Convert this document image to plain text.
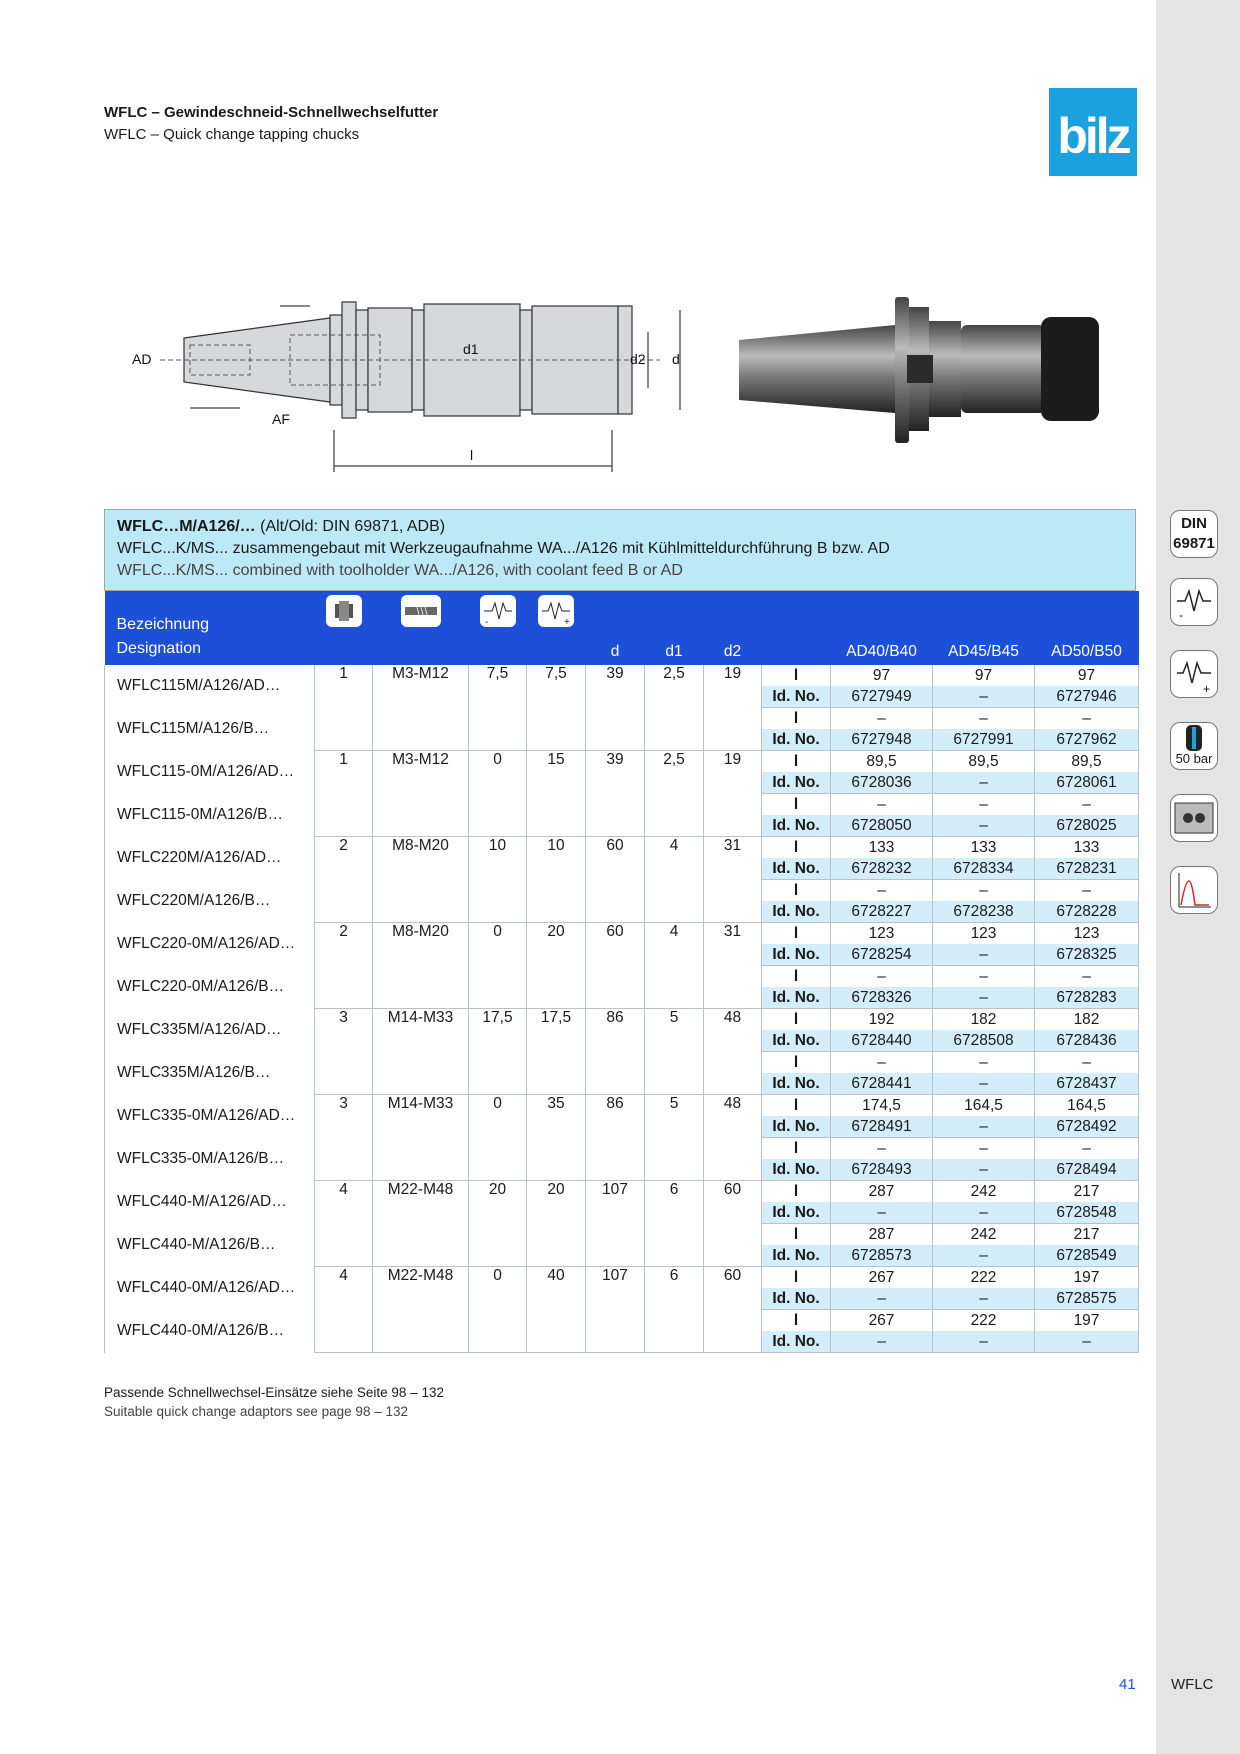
WFLC – Gewindeschneid-Schnellwechselfutter
WFLC – Quick change tapping chucks	bilz
AD
AF
d1
d2 d
l
WFLC…M/A126/… (Alt/Old: DIN 69871, ADB)
WFLC...K/MS... zusammengebaut mit Werkzeugaufnahme WA.../A126 mit Kühlmitteldurchführung B bzw. AD
WFLC...K/MS... combined with toolholder WA.../A126, with coolant feed B or AD
Bezeichnung
Designation			-	+	d	d1	d2		AD40/B40	AD45/B45	AD50/B50
WFLC115M/A126/AD…	1	M3-M12	7,5	7,5	39	2,5	19	l	97	97	97
								Id. No.	6727949	–	6727946
WFLC115M/A126/B…								l	–	–	–
								Id. No.	6727948	6727991	6727962
WFLC115-0M/A126/AD…	1	M3-M12	0	15	39	2,5	19	l	89,5	89,5	89,5
								Id. No.	6728036	–	6728061
WFLC115-0M/A126/B…								l	–	–	–
								Id. No.	6728050	–	6728025
WFLC220M/A126/AD…	2	M8-M20	10	10	60	4	31	l	133	133	133
								Id. No.	6728232	6728334	6728231
WFLC220M/A126/B…								l	–	–	–
								Id. No.	6728227	6728238	6728228
WFLC220-0M/A126/AD…	2	M8-M20	0	20	60	4	31	l	123	123	123
								Id. No.	6728254	–	6728325
WFLC220-0M/A126/B…								l	–	–	–
								Id. No.	6728326	–	6728283
WFLC335M/A126/AD…	3	M14-M33	17,5	17,5	86	5	48	l	192	182	182
								Id. No.	6728440	6728508	6728436
WFLC335M/A126/B…								l	–	–	–
								Id. No.	6728441	–	6728437
WFLC335-0M/A126/AD…	3	M14-M33	0	35	86	5	48	l	174,5	164,5	164,5
								Id. No.	6728491	–	6728492
WFLC335-0M/A126/B…								l	–	–	–
								Id. No.	6728493	–	6728494
WFLC440-M/A126/AD…	4	M22-M48	20	20	107	6	60	l	287	242	217
								Id. No.	–	–	6728548
WFLC440-M/A126/B…								l	287	242	217
								Id. No.	6728573	–	6728549
WFLC440-0M/A126/AD…	4	M22-M48	0	40	107	6	60	l	267	222	197
								Id. No.	–	–	6728575
WFLC440-0M/A126/B…								l	267	222	197
								Id. No.	–	–	–
Passende Schnellwechsel-Einsätze siehe Seite 98 – 132
Suitable quick change adaptors see page 98 – 132
DIN
69871
-
+
50 bar
41 WFLC
